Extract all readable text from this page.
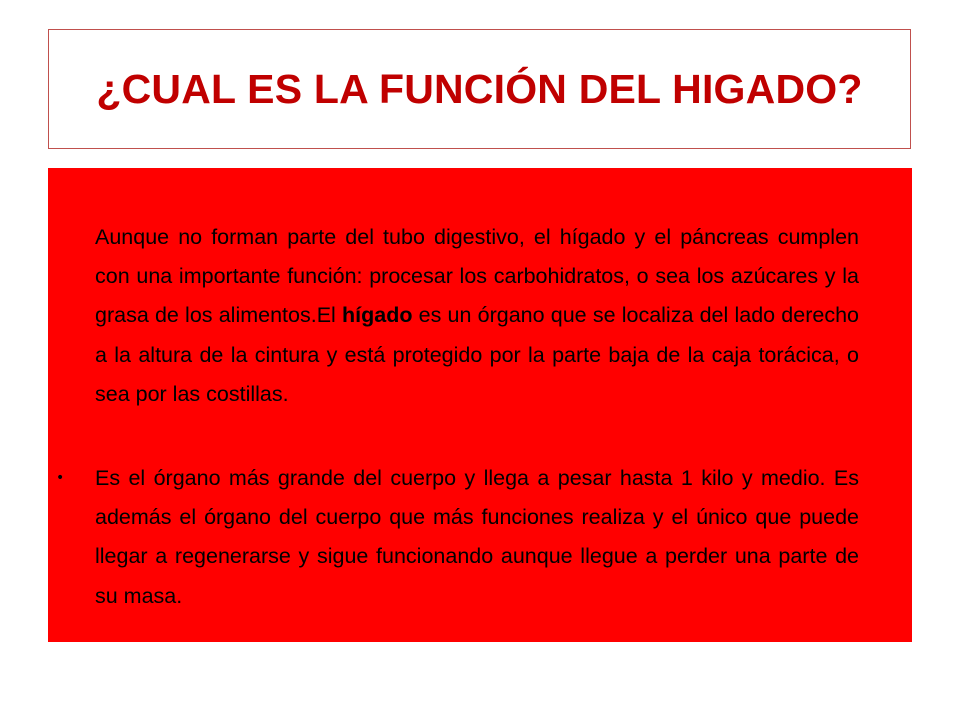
¿CUAL ES LA FUNCIÓN DEL HIGADO?

Aunque no forman parte del tubo digestivo, el hígado y el páncreas cumplen con una importante función: procesar los carbohidratos, o sea los azúcares y la grasa de los alimentos.El hígado es un órgano que se localiza del lado derecho a la altura de la cintura y está protegido por la parte baja de la caja torácica, o sea por las costillas.

• Es el órgano más grande del cuerpo y llega a pesar hasta 1 kilo y medio. Es además el órgano del cuerpo que más funciones realiza y el único que puede llegar a regenerarse y sigue funcionando aunque llegue a perder una parte de su masa.
